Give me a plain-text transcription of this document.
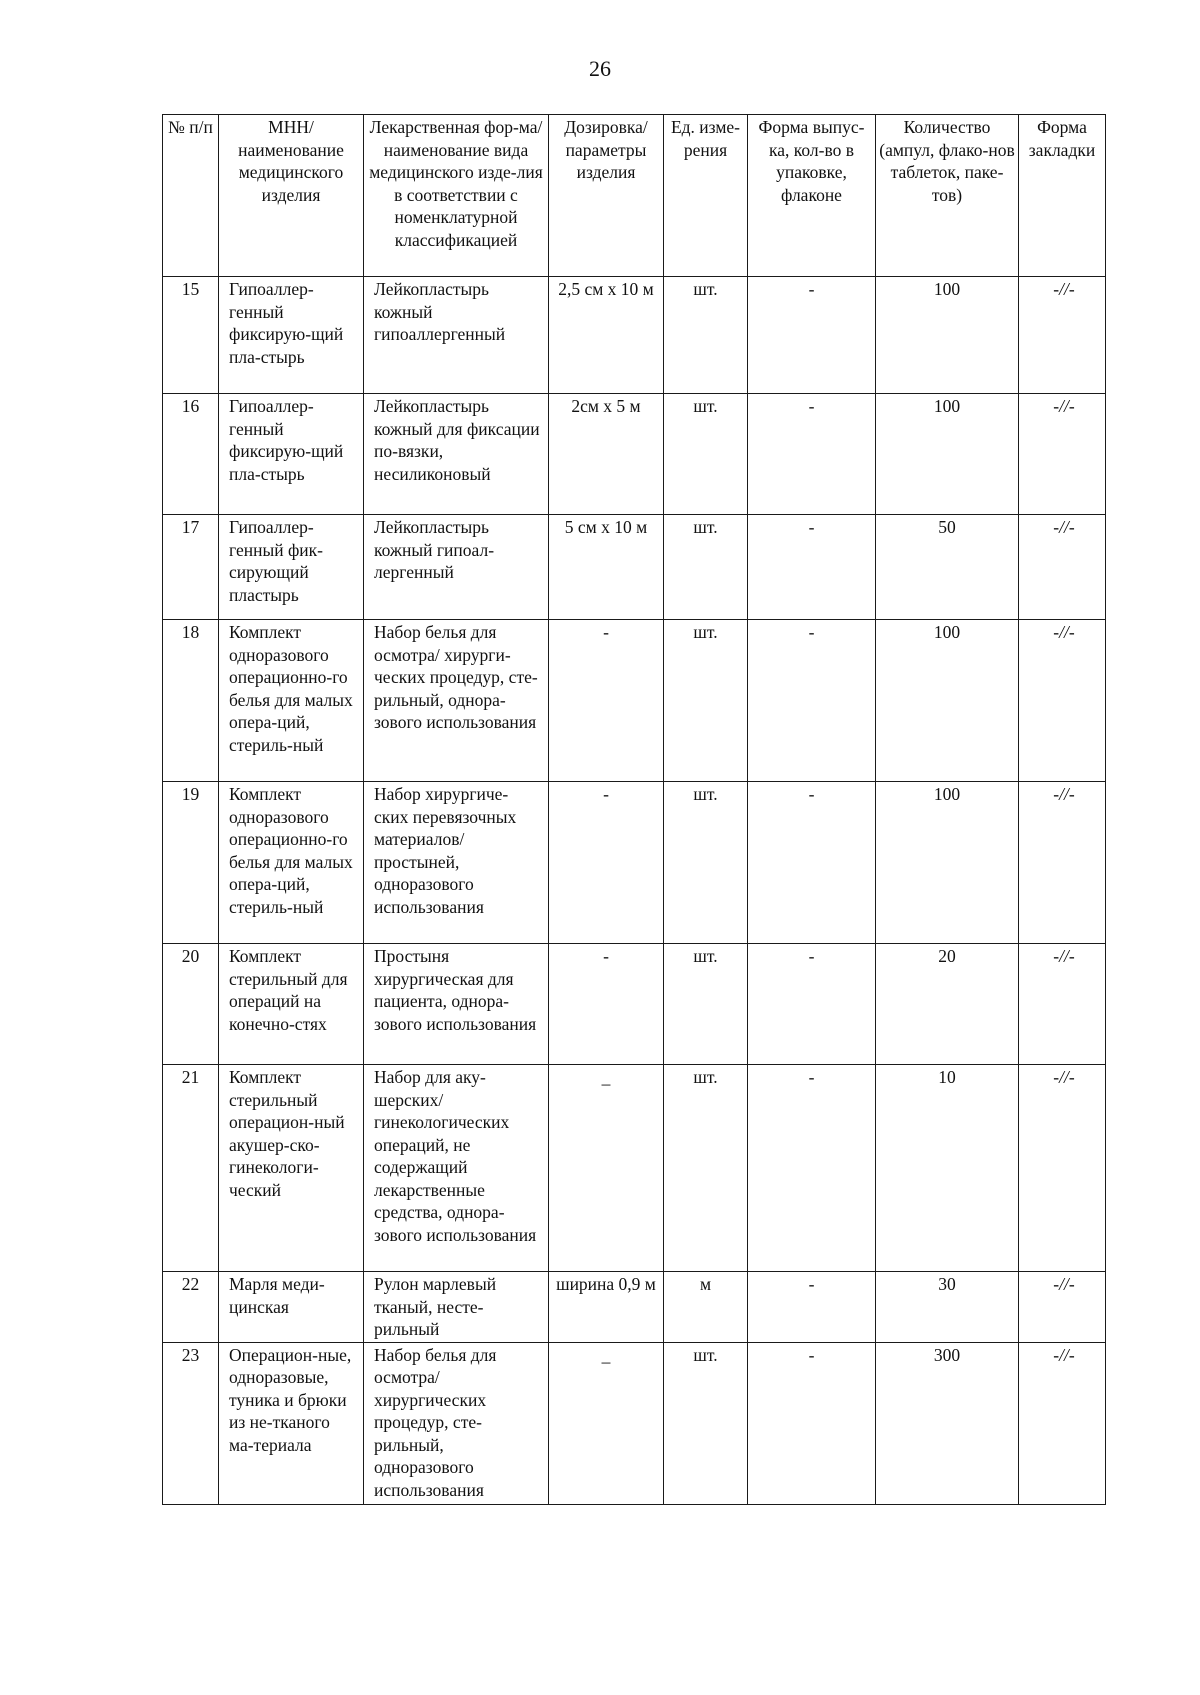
26
№ п/п	МНН/ наименование медицинского изделия	Лекарственная фор-ма/ наименование вида медицинского изде-лия в соответствии с номенклатурной классификацией	Дозировка/ параметры изделия	Ед. изме-рения	Форма выпус-ка, кол-во в упаковке, флаконе	Количество (ампул, флако-нов таблеток, паке-тов)	Форма закладки
15	Гипоаллер-генный фиксирую-щий пла-стырь	Лейкопластырь кожный гипоаллергенный	2,5 см х 10 м	шт.	-	100	-//-
16	Гипоаллер-генный фиксирую-щий пла-стырь	Лейкопластырь кожный для фиксации по-вязки, несиликоновый	2см х 5 м	шт.	-	100	-//-
17	Гипоаллер-генный фик-сирующий пластырь	Лейкопластырь кожный гипоал-лергенный	5 см х 10 м	шт.	-	50	-//-
18	Комплект одноразового операционно-го белья для малых опера-ций, стериль-ный	Набор белья для осмотра/ хирурги-ческих процедур, сте-рильный, однора-зового использования	-	шт.	-	100	-//-
19	Комплект одноразового операционно-го белья для малых опера-ций, стериль-ный	Набор хирургиче-ских перевязочных материалов/ простыней, одноразового использования	-	шт.	-	100	-//-
20	Комплект стерильный для операций на конечно-стях	Простыня хирургическая для пациента, однора-зового использования	-	шт.	-	20	-//-
21	Комплект стерильный операцион-ный акушер-ско-гинекологи-ческий	Набор для аку-шерских/ гинекологических операций, не содержащий лекарственные средства, однора-зового использования	_	шт.	-	10	-//-
22	Марля меди-цинская	Рулон марлевый тканый, несте-рильный	ширина 0,9 м	м	-	30	-//-
23	Операцион-ные, одноразовые, туника и брюки из не-тканого ма-териала	Набор белья для осмотра/ хирургических процедур, сте-рильный, одноразового использования	_	шт.	-	300	-//-
